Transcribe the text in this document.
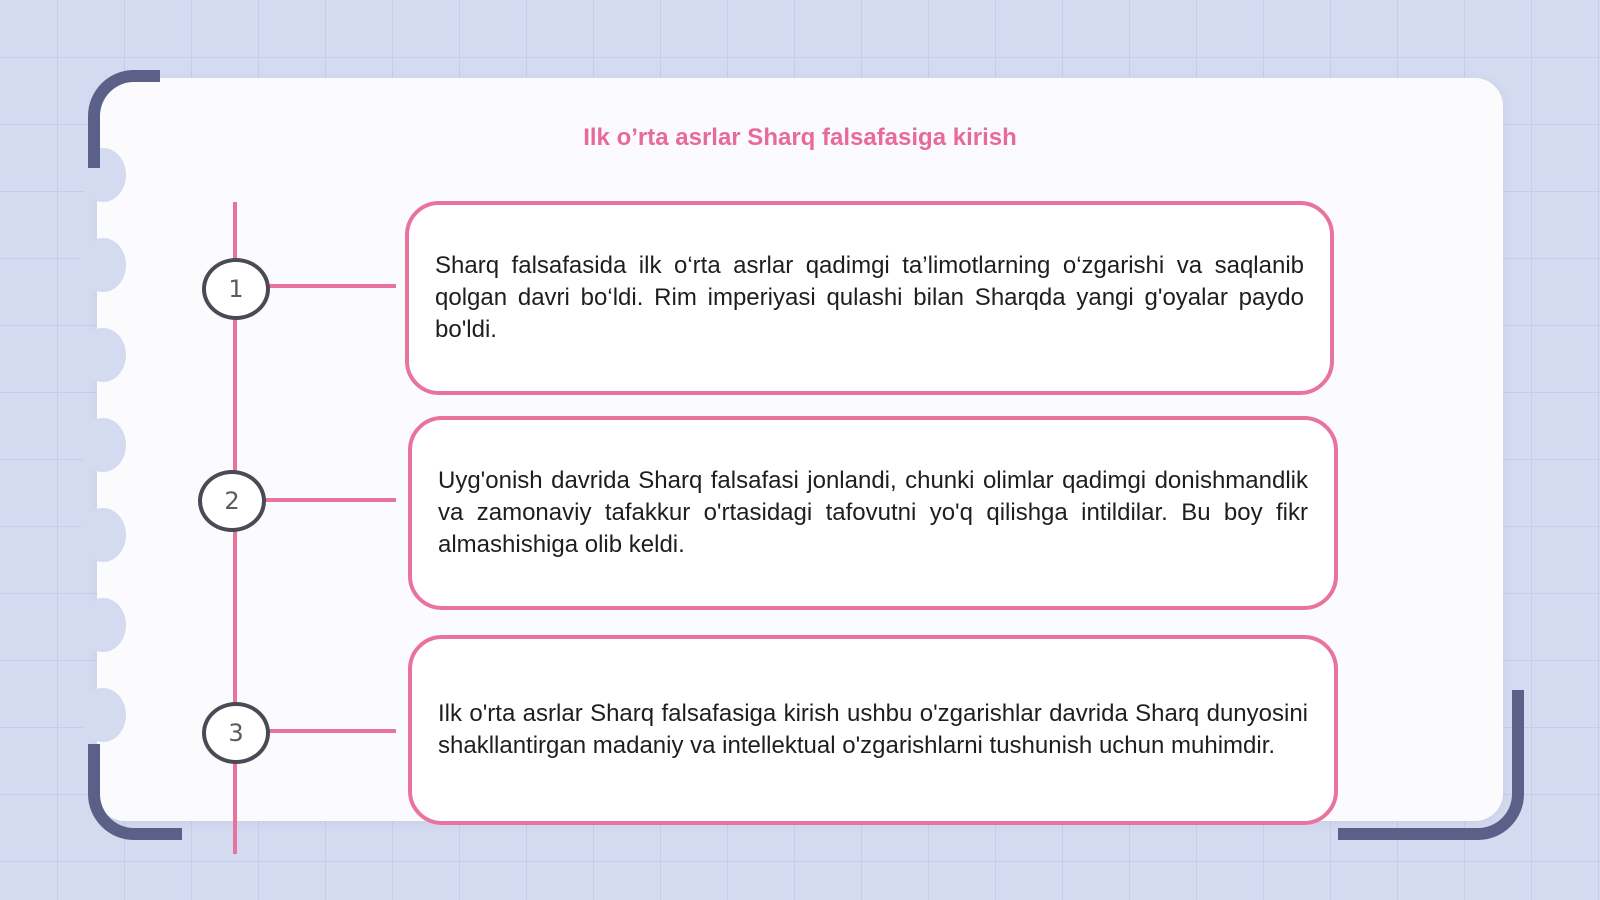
Ilk o’rta asrlar Sharq falsafasiga kirish
1
Sharq falsafasida ilk o‘rta asrlar qadimgi ta’limotlarning o‘zgarishi va saqlanib qolgan davri bo‘ldi. Rim imperiyasi qulashi bilan Sharqda yangi g'oyalar paydo bo'ldi.
2
Uyg'onish davrida Sharq falsafasi jonlandi, chunki olimlar qadimgi donishmandlik va zamonaviy tafakkur o'rtasidagi tafovutni yo'q qilishga intildilar. Bu boy fikr almashishiga olib keldi.
3
Ilk o'rta asrlar Sharq falsafasiga kirish ushbu o'zgarishlar davrida Sharq dunyosini shakllantirgan madaniy va intellektual o'zgarishlarni tushunish uchun muhimdir.
